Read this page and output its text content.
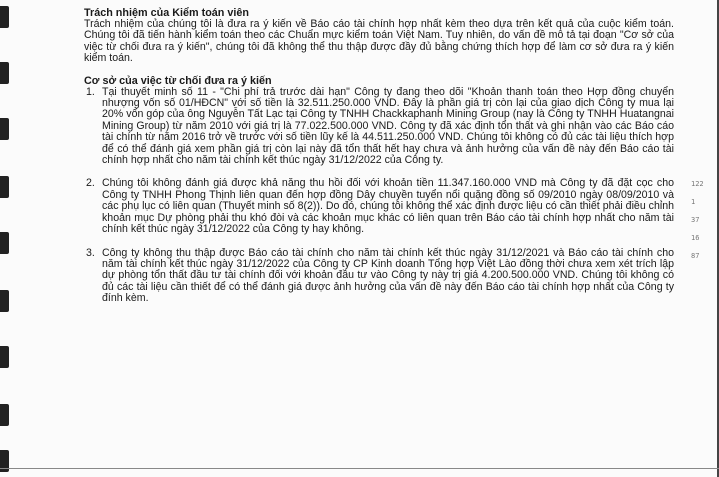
122
1
37
16
87
Trách nhiệm của Kiểm toán viên

Trách nhiệm của chúng tôi là đưa ra ý kiến về Báo cáo tài chính hợp nhất kèm theo dựa trên kết quả của cuộc kiểm toán. Chúng tôi đã tiến hành kiểm toán theo các Chuẩn mực kiểm toán Việt Nam. Tuy nhiên, do vấn đề mô tả tại đoạn "Cơ sở của việc từ chối đưa ra ý kiến", chúng tôi đã không thể thu thập được đầy đủ bằng chứng thích hợp để làm cơ sở đưa ra ý kiến kiểm toán.

Cơ sở của việc từ chối đưa ra ý kiến
1. Tại thuyết minh số 11 - "Chi phí trả trước dài hạn" Công ty đang theo dõi "Khoản thanh toán theo Hợp đồng chuyển nhượng vốn số 01/HĐCN" với số tiền là 32.511.250.000 VND. Đây là phần giá trị còn lại của giao dịch Công ty mua lại 20% vốn góp của ông Nguyễn Tất Lạc tại Công ty TNHH Chackkaphanh Mining Group (nay là Công ty TNHH Huatangnai Mining Group) từ năm 2010 với giá trị là 77.022.500.000 VND. Công ty đã xác định tổn thất và ghi nhận vào các Báo cáo tài chính từ năm 2016 trở về trước với số tiền lũy kế là 44.511.250.000 VND. Chúng tôi không có đủ các tài liệu thích hợp để có thể đánh giá xem phần giá trị còn lại này đã tổn thất hết hay chưa và ảnh hưởng của vấn đề này đến Báo cáo tài chính hợp nhất cho năm tài chính kết thúc ngày 31/12/2022 của Công ty.
2. Chúng tôi không đánh giá được khả năng thu hồi đối với khoản tiền 11.347.160.000 VND mà Công ty đã đặt cọc cho Công ty TNHH Phong Thịnh liên quan đến hợp đồng Dây chuyền tuyển nổi quặng đồng số 09/2010 ngày 08/09/2010 và các phụ lục có liên quan (Thuyết minh số 8(2)). Do đó, chúng tôi không thể xác định được liệu có cần thiết phải điều chỉnh khoản mục Dự phòng phải thu khó đòi và các khoản mục khác có liên quan trên Báo cáo tài chính hợp nhất cho năm tài chính kết thúc ngày 31/12/2022 của Công ty hay không.
3. Công ty không thu thập được Báo cáo tài chính cho năm tài chính kết thúc ngày 31/12/2021 và Báo cáo tài chính cho năm tài chính kết thúc ngày 31/12/2022 của Công ty CP Kinh doanh Tổng hợp Việt Lào đồng thời chưa xem xét trích lập dự phòng tổn thất đầu tư tài chính đối với khoản đầu tư vào Công ty này trị giá 4.200.500.000 VND. Chúng tôi không có đủ các tài liệu cần thiết để có thể đánh giá được ảnh hưởng của vấn đề này đến Báo cáo tài chính hợp nhất của Công ty đính kèm.
